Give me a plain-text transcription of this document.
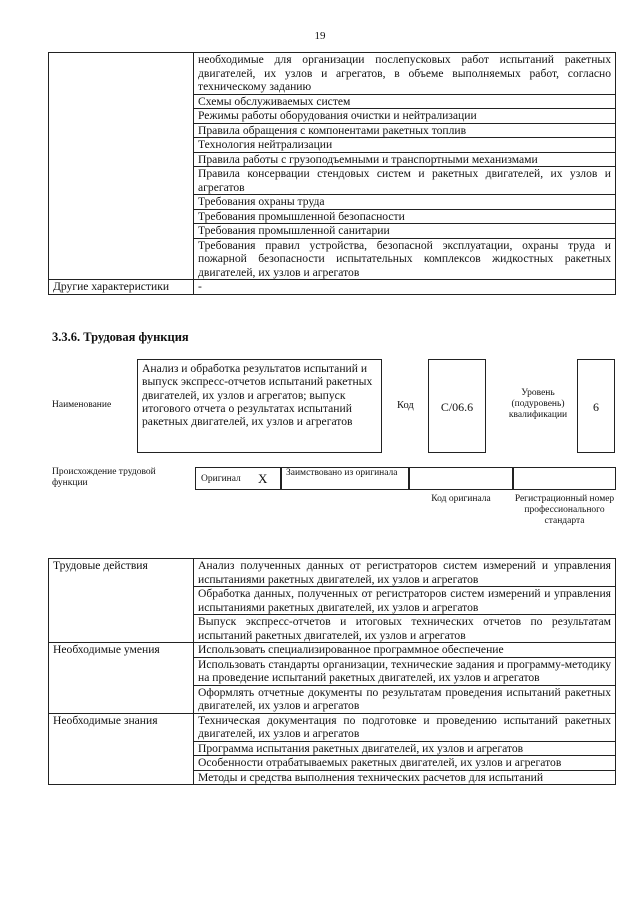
19
	необходимые для организации послепусковых работ испытаний ракетных двигателей, их узлов и агрегатов, в объеме выполняемых работ, согласно техническому заданию
	Схемы обслуживаемых систем
	Режимы работы оборудования очистки и нейтрализации
	Правила обращения с компонентами ракетных топлив
	Технология нейтрализации
	Правила работы с грузоподъемными и транспортными механизмами
	Правила консервации стендовых систем и ракетных двигателей, их узлов и агрегатов
	Требования охраны труда
	Требования промышленной безопасности
	Требования промышленной санитарии
	Требования правил устройства, безопасной эксплуатации, охраны труда и пожарной безопасности испытательных комплексов жидкостных ракетных двигателей, их узлов и агрегатов
Другие характеристики	-
3.3.6. Трудовая функция
Наименование
Анализ и обработка результатов испытаний и выпуск экспресс-отчетов испытаний ракетных двигателей, их узлов и агрегатов; выпуск итогового отчета о результатах испытаний ракетных двигателей, их узлов и агрегатов
Код	C/06.6
Уровень (подуровень) квалификации
6
Происхождение трудовой функции	Оригинал X Заимствовано из оригинала
Код оригинала	Регистрационный номер профессионального стандарта
Трудовые действия	Анализ полученных данных от регистраторов систем измерений и управления испытаниями ракетных двигателей, их узлов и агрегатов
	Обработка данных, полученных от регистраторов систем измерений и управления испытаниями ракетных двигателей, их узлов и агрегатов
	Выпуск экспресс-отчетов и итоговых технических отчетов по результатам испытаний ракетных двигателей, их узлов и агрегатов
Необходимые умения	Использовать специализированное программное обеспечение
	Использовать стандарты организации, технические задания и программу-методику на проведение испытаний ракетных двигателей, их узлов и агрегатов
	Оформлять отчетные документы по результатам проведения испытаний ракетных двигателей, их узлов и агрегатов
Необходимые знания	Техническая документация по подготовке и проведению испытаний ракетных двигателей, их узлов и агрегатов
	Программа испытания ракетных двигателей, их узлов и агрегатов
	Особенности отрабатываемых ракетных двигателей, их узлов и агрегатов
	Методы и средства выполнения технических расчетов для испытаний
